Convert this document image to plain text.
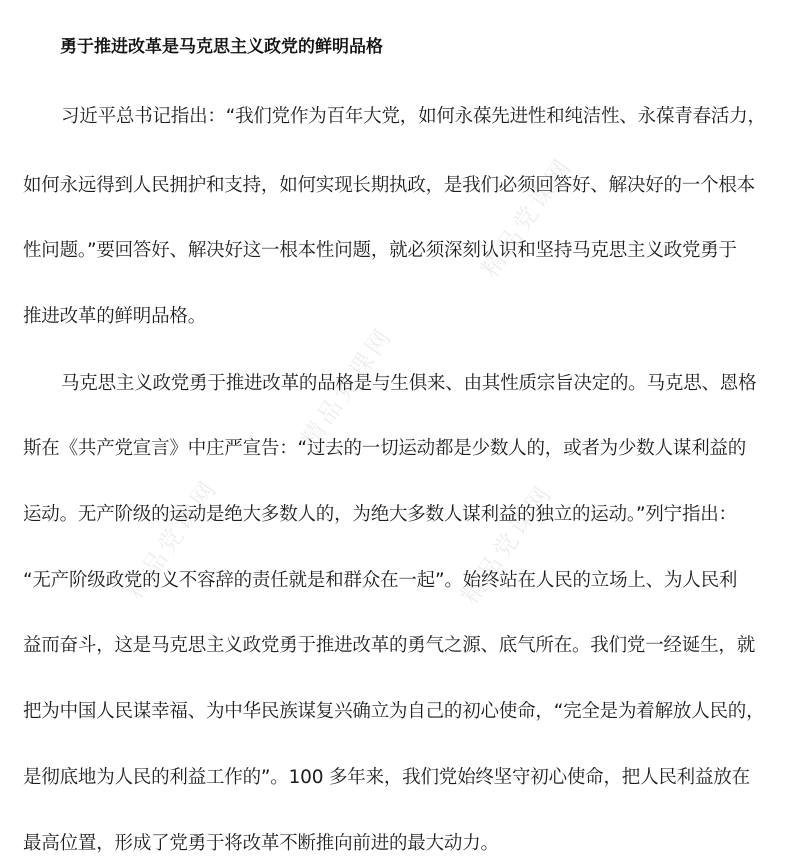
精品党课网
精品党课网
精品党课网	精品党课网
勇于推进改革是马克思主义政党的鲜明品格
习近平总书记指出：“我们党作为百年大党，如何永葆先进性和纯洁性、永葆青春活力，
如何永远得到人民拥护和支持，如何实现长期执政，是我们必须回答好、解决好的一个根本
性问题。”要回答好、解决好这一根本性问题，就必须深刻认识和坚持马克思主义政党勇于
推进改革的鲜明品格。
马克思主义政党勇于推进改革的品格是与生俱来、由其性质宗旨决定的。马克思、恩格
斯在《共产党宣言》中庄严宣告：“过去的一切运动都是少数人的，或者为少数人谋利益的
运动。无产阶级的运动是绝大多数人的，为绝大多数人谋利益的独立的运动。”列宁指出：
“无产阶级政党的义不容辞的责任就是和群众在一起”。始终站在人民的立场上、为人民利
益而奋斗，这是马克思主义政党勇于推进改革的勇气之源、底气所在。我们党一经诞生，就
把为中国人民谋幸福、为中华民族谋复兴确立为自己的初心使命，“完全是为着解放人民的，
是彻底地为人民的利益工作的”。100 多年来，我们党始终坚守初心使命，把人民利益放在
最高位置，形成了党勇于将改革不断推向前进的最大动力。
